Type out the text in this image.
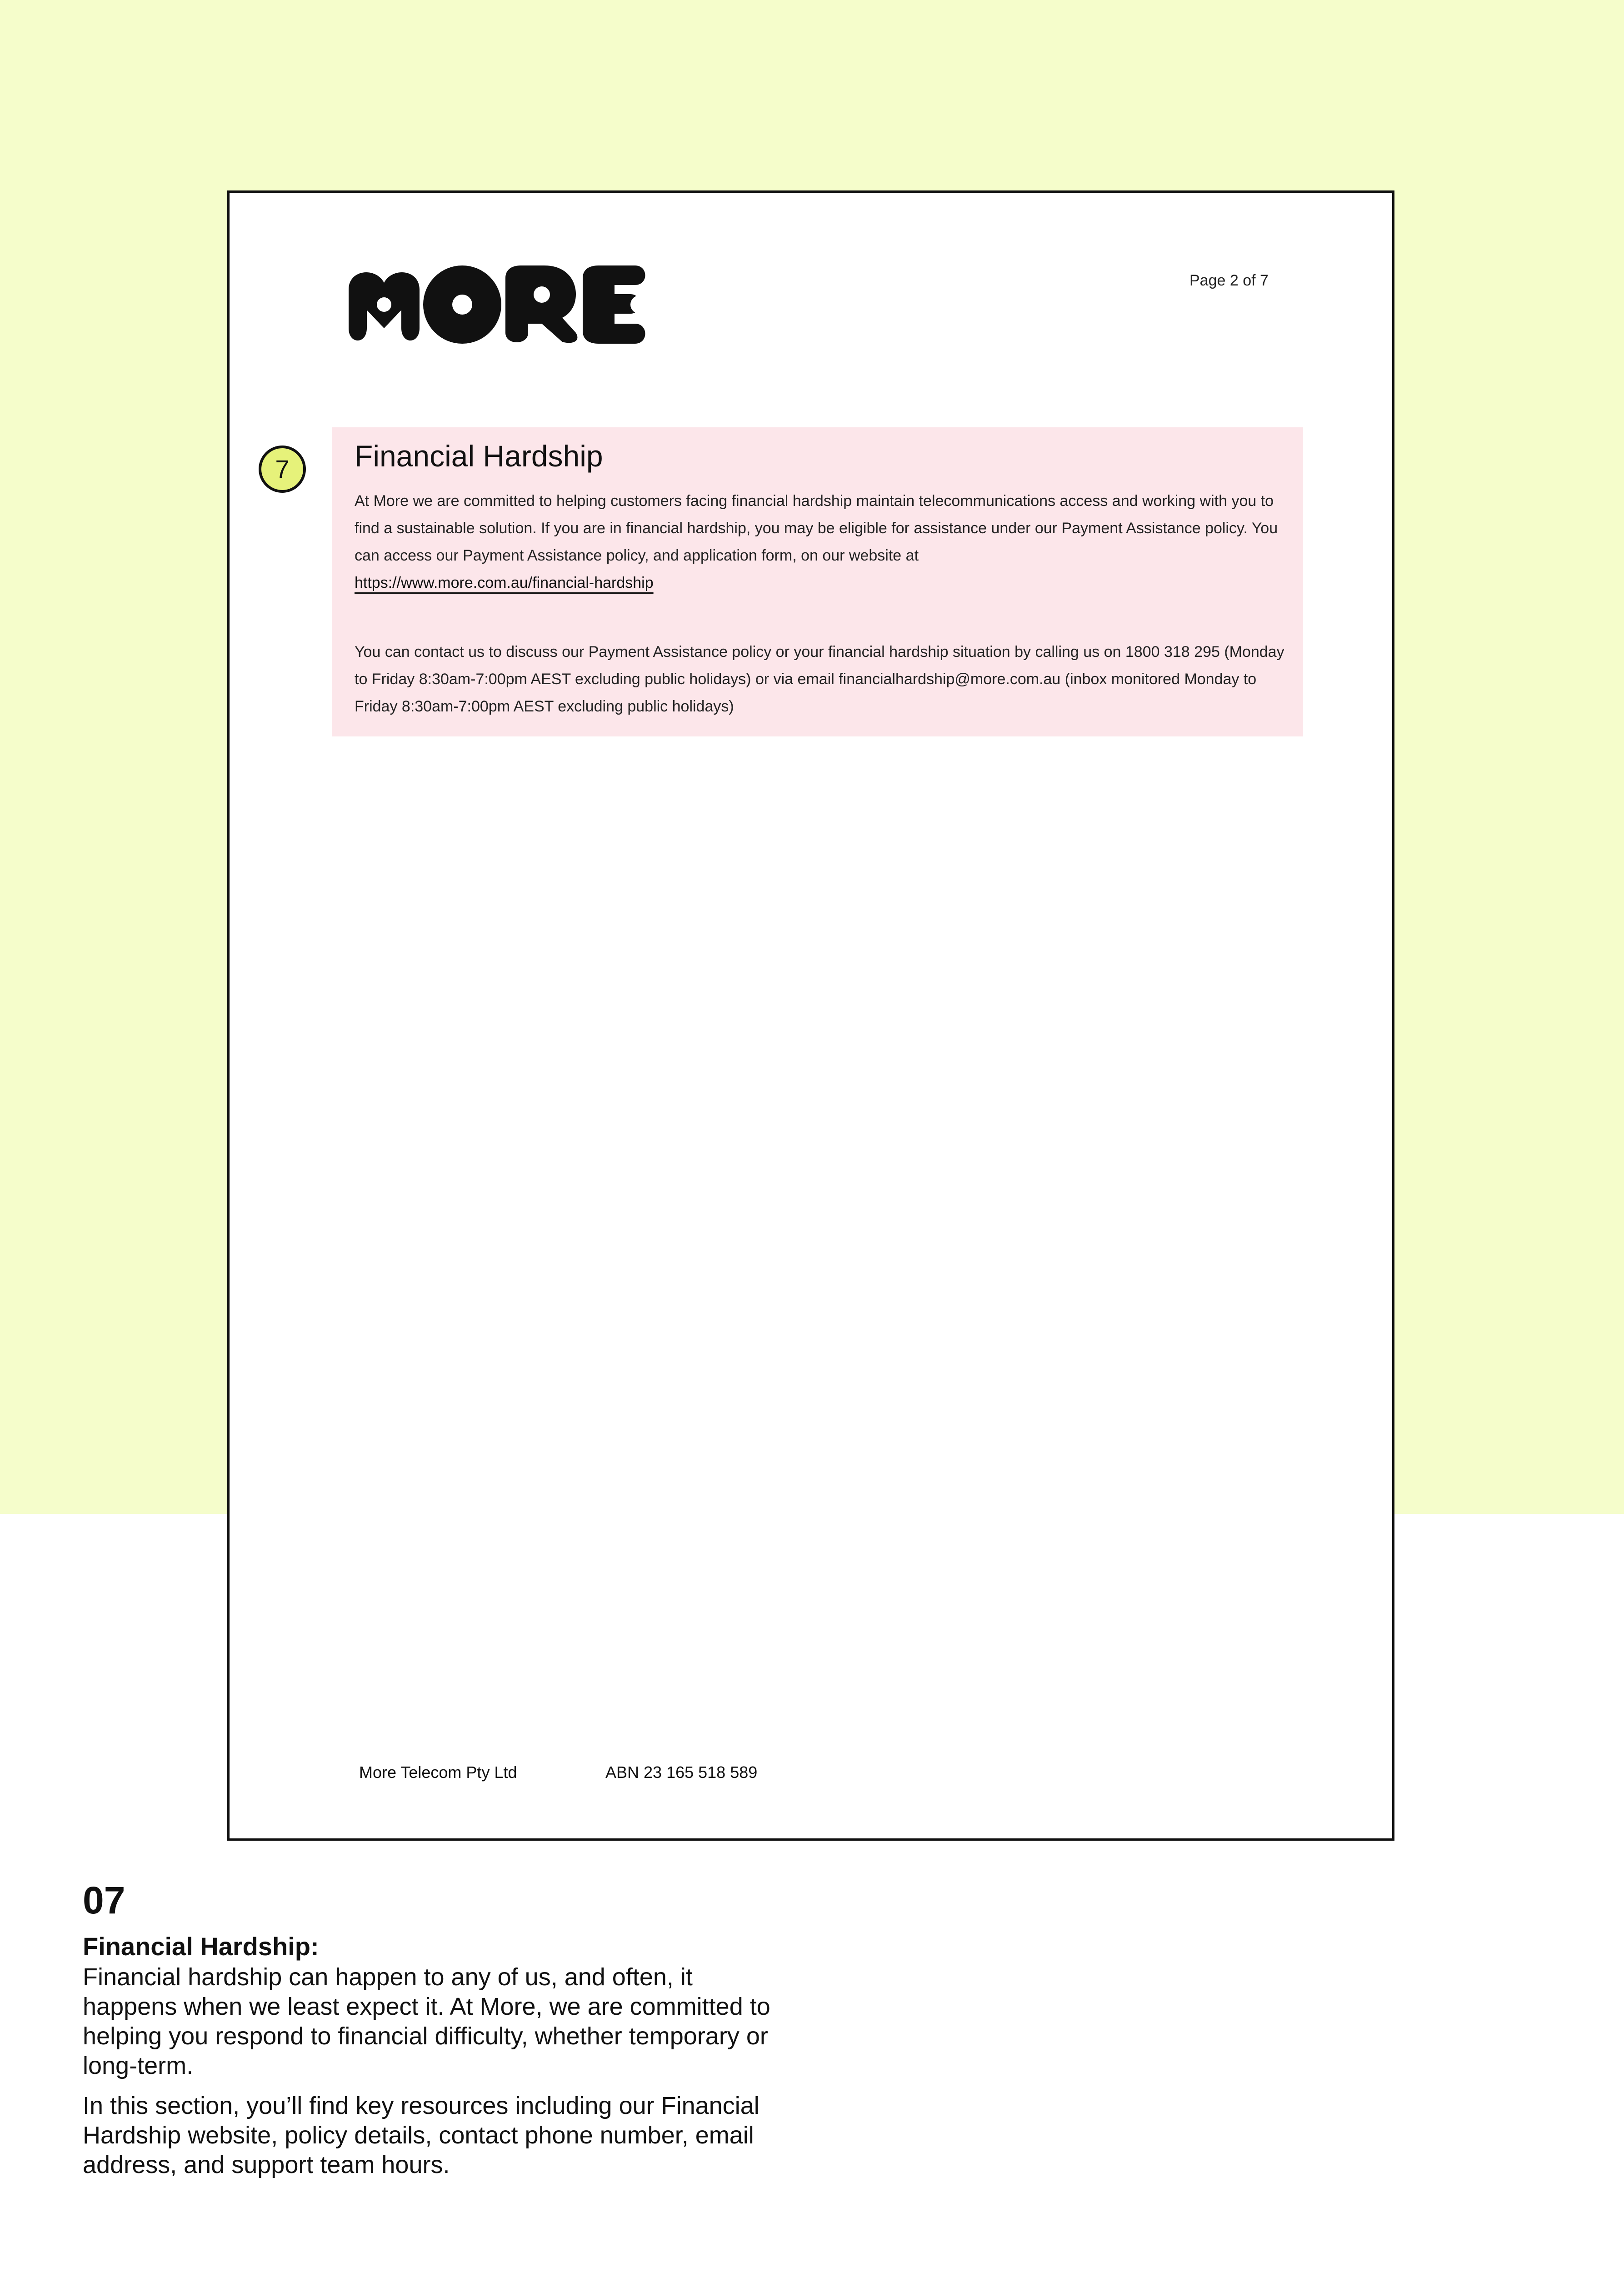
Page 2 of 7
7	Financial Hardship

At More we are committed to helping customers facing financial hardship maintain telecommunications access and working with you to find a sustainable solution. If you are in financial hardship, you may be eligible for assistance under our Payment Assistance policy. You can access our Payment Assistance policy, and application form, on our website at
https://www.more.com.au/financial-hardship

You can contact us to discuss our Payment Assistance policy or your financial hardship situation by calling us on 1800 318 295 (Monday to Friday 8:30am-7:00pm AEST excluding public holidays) or via email financialhardship@more.com.au (inbox monitored Monday to Friday 8:30am-7:00pm AEST excluding public holidays)

More Telecom Pty Ltd	ABN 23 165 518 589
07
Financial Hardship:

Financial hardship can happen to any of us, and often, it happens when we least expect it. At More, we are committed to helping you respond to financial difficulty, whether temporary or long-term.

In this section, you’ll find key resources including our Financial Hardship website, policy details, contact phone number, email address, and support team hours.
